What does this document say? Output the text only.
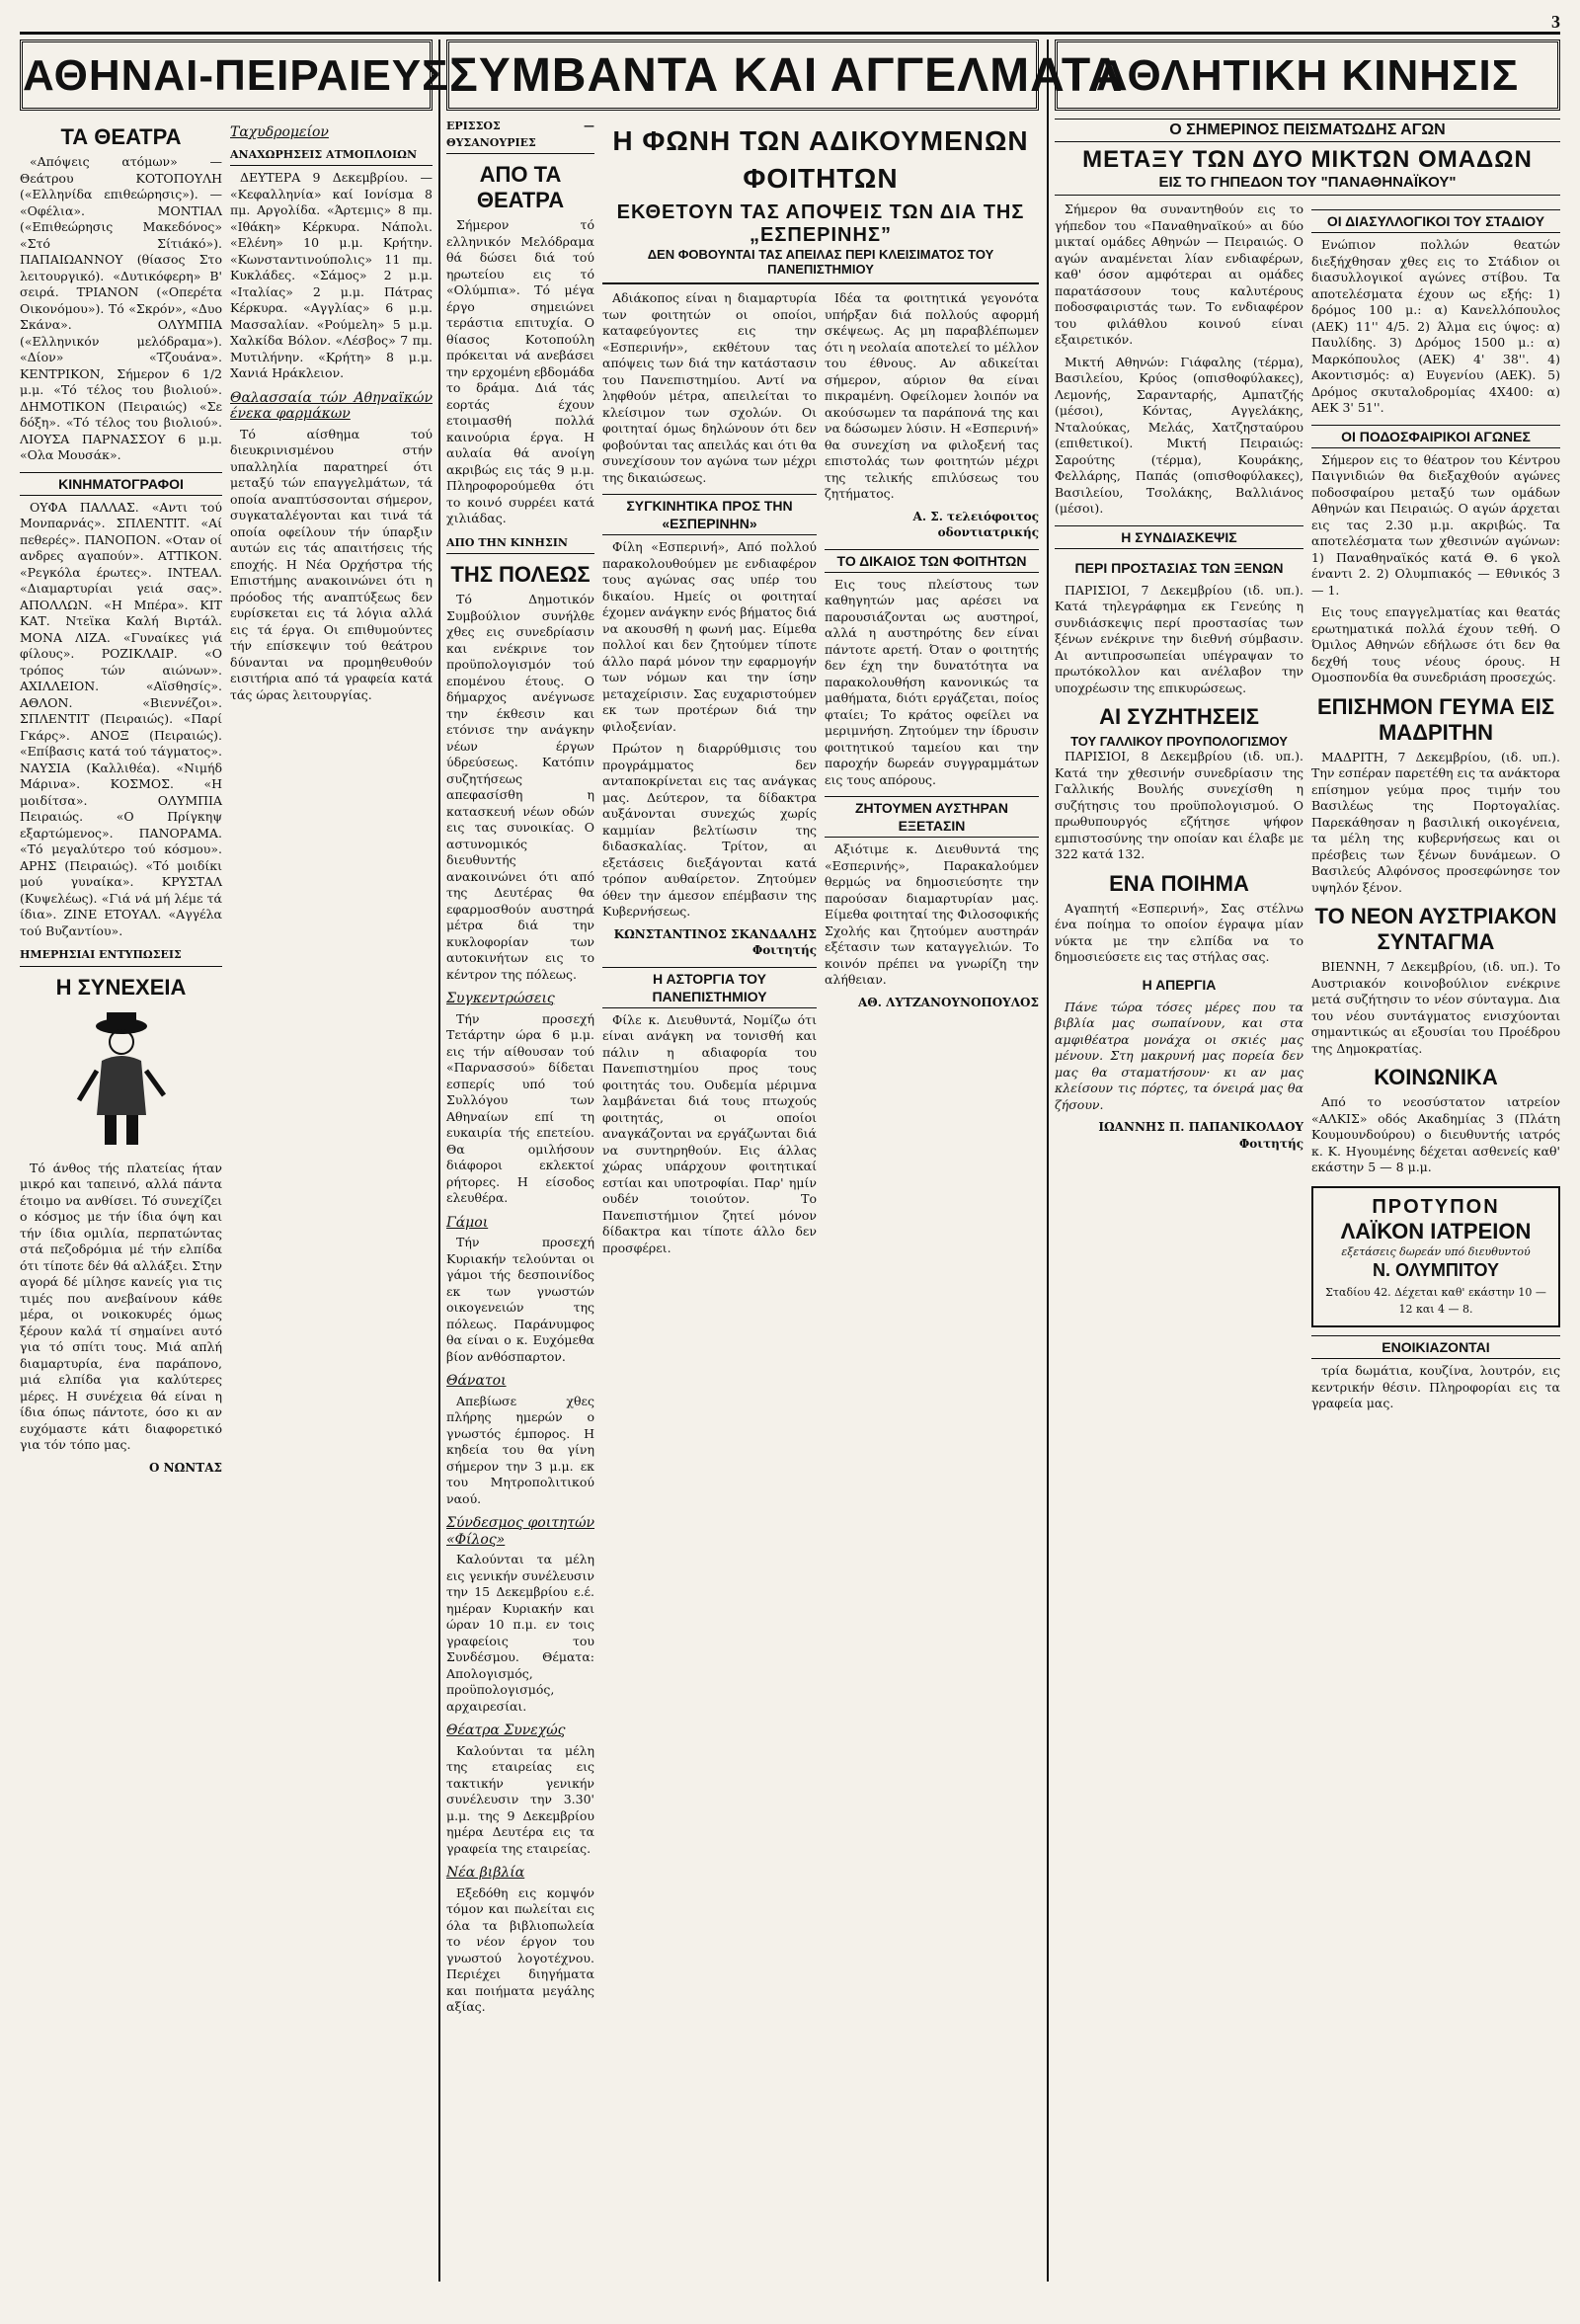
3
ΑΘΗΝΑΙ-ΠΕΙΡΑΙΕΥΣ
ΤΑ ΘΕΑΤΡΑ

«Απόψεις ατόμων» — Θεάτρου ΚΟΤΟΠΟΥΛΗ («Ελληνίδα επιθεώρησις»). — «Οφέλια». ΜΟΝΤΙΑΛ («Επιθεώρησις Μακεδόνος» «Στό Σίτιάκό»). ΠΑΠΑΙΩΑΝΝΟΥ (θίασος Στο λειτουργικό). «Δυτικόφερη» Β' σειρά. ΤΡΙΑΝΟΝ («Οπερέτα Οικονόμου»). Τό «Σκρόν», «Δυο Σκάνα». ΟΛΥΜΠΙΑ («Ελληνικόν μελόδραμα»). «Δίον» «Τζουάνα». ΚΕΝΤΡΙΚΟΝ, Σήμερον 6 1/2 μ.μ. «Τό τέλος του βιολιού». ΔΗΜΟΤΙΚΟΝ (Πειραιώς) «Σε δόξη». «Τό τέλος του βιολιού». ΛΙΟΥΣΑ ΠΑΡΝΑΣΣΟΥ 6 μ.μ. «Ολα Μουσάκ».

ΚΙΝΗΜΑΤΟΓΡΑΦΟΙ

ΟΥΦΑ ΠΑΛΛΑΣ. «Αντι τού Μονπαρνάς». ΣΠΛΕΝΤΙΤ. «Αί πεθερές». ΠΑΝΟΠΟΝ. «Οταν οί ανδρες αγαπούν». ΑΤΤΙΚΟΝ. «Ρεγκόλα έρωτες». ΙΝΤΕΑΛ. «Διαμαρτυρίαι γειά σας». ΑΠΟΛΛΩΝ. «Η Μπέρα». ΚΙΤ ΚΑΤ. Ντεϊκα Καλή Βιρτάλ. ΜΟΝΑ ΛΙΖΑ. «Γυναίκες γιά φίλους». ΡΟΖΙΚΛΑΙΡ. «Ο τρόπος τών αιώνων». ΑΧΙΛΛΕΙΟΝ. «Αϊσθησίς». ΑΘΛΟΝ. «Βιεννέζοι». ΣΠΛΕΝΤΙΤ (Πειραιώς). «Παρί Γκάρς». ΑΝΟΞ (Πειραιώς). «Επίβασις κατά τού τάγματος». ΝΑΥΣΙΑ (Καλλιθέα). «Νιμήδ Μάρινα». ΚΟΣΜΟΣ. «Η μοιδίτσα». ΟΛΥΜΠΙΑ Πειραιώς. «Ο Πρίγκηψ εξαρτώμενος». ΠΑΝΟΡΑΜΑ. «Τό μεγαλύτερο τού κόσμου». ΑΡΗΣ (Πειραιώς). «Τό μοιδίκι μού γυναίκα». ΚΡΥΣΤΑΛ (Κυψελέως). «Γιά νά μή λέμε τά ίδια». ΖΙΝΕ ΕΤΟΥΑΛ. «Αγγέλα τού Βυζαντίου».

ΗΜΕΡΗΣΙΑΙ ΕΝΤΥΠΩΣΕΙΣ
Η ΣΥΝΕΧΕΙΑ

Τό άνθος τής πλατείας ήταν μικρό και ταπεινό, αλλά πάντα έτοιμο να ανθίσει. Τό συνεχίζει ο κόσμος με τήν ίδια όψη και τήν ίδια ομιλία, περπατώντας στά πεζοδρόμια μέ τήν ελπίδα ότι τίποτε δέν θά αλλάξει. Στην αγορά δέ μίλησε κανείς για τις τιμές που ανεβαίνουν κάθε μέρα, οι νοικοκυρές όμως ξέρουν καλά τί σημαίνει αυτό για τό σπίτι τους. Μιά απλή διαμαρτυρία, ένα παράπονο, μιά ελπίδα για καλύτερες μέρες. Η συνέχεια θά είναι η ίδια όπως πάντοτε, όσο κι αν ευχόμαστε κάτι διαφορετικό για τόν τόπο μας.

Ο ΝΩΝΤΑΣ
Ταχυδρομείον
ΑΝΑΧΩΡΗΣΕΙΣ ΑΤΜΟΠΛΟΙΩΝ

ΔΕΥΤΕΡΑ 9 Δεκεμβρίου. — «Κεφαλληνία» καί Ιονίσμα 8 πμ. Αργολίδα. «Άρτεμις» 8 πμ. «Ιθάκη» Κέρκυρα. Νάπολι. «Ελένη» 10 μ.μ. Κρήτην. «Κωνσταντινούπολις» 11 πμ. Κυκλάδες. «Σάμος» 2 μ.μ. «Ιταλίας» 2 μ.μ. Πάτρας Κέρκυρα. «Αγγλίας» 6 μ.μ. Μασσαλίαν. «Ρούμελη» 5 μ.μ. Χαλκίδα Βόλον. «Λέσβος» 7 πμ. Μυτιλήνην. «Κρήτη» 8 μ.μ. Χανιά Ηράκλειον.

Θαλασσαία τών Αθηναϊκών ένεκα φαρμάκων

Τό αίσθημα τού διευκρινισμένου στήν υπαλληλία παρατηρεί ότι μεταξύ τών επαγγελμάτων, τά οποία αναπτύσσονται σήμερον, συγκαταλέγονται και τινά τά οποία οφείλουν τήν ύπαρξιν αυτών εις τάς απαιτήσεις τής εποχής. Η Νέα Ορχήστρα τής Επιστήμης ανακοινώνει ότι η πρόοδος τής αναπτύξεως δεν ευρίσκεται εις τά λόγια αλλά εις τά έργα. Οι επιθυμούντες τήν επίσκεψιν τού θεάτρου δύνανται να προμηθευθούν εισιτήρια από τά γραφεία κατά τάς ώρας λειτουργίας.

ΣΥΜΒΑΝΤΑ ΚΑΙ ΑΓΓΕΛΜΑΤΑ
ΕΡΙΣΣΟΣ — ΘΥΣΑΝΟΥΡΙΕΣ
ΑΠΟ ΤΑ ΘΕΑΤΡΑ

Σήμερον τό ελληνικόν Μελόδραμα θά δώσει διά τού ηρωτείου εις τό «Ολύμπια». Τό μέγα έργο σημειώνει τεράστια επιτυχία. Ο θίασος Κοτοπούλη πρόκειται νά ανεβάσει την ερχομένη εβδομάδα το δράμα. Διά τάς εορτάς έχουν ετοιμασθή πολλά καινούρια έργα. Η αυλαία θά ανοίγη ακριβώς εις τάς 9 μ.μ. Πληροφορούμεθα ότι το κοινό συρρέει κατά χιλιάδας.

ΑΠΟ ΤΗΝ ΚΙΝΗΣΙΝ
ΤΗΣ ΠΟΛΕΩΣ

Τό Δημοτικόν Συμβούλιον συνήλθε χθες εις συνεδρίασιν και ενέκρινε τον προϋπολογισμόν τού επομένου έτους. Ο δήμαρχος ανέγνωσε την έκθεσιν και ετόνισε την ανάγκην νέων έργων ύδρεύσεως. Κατόπιν συζητήσεως απεφασίσθη η κατασκευή νέων οδών εις τας συνοικίας. Ο αστυνομικός διευθυντής ανακοινώνει ότι από της Δευτέρας θα εφαρμοσθούν αυστηρά μέτρα διά την κυκλοφορίαν των αυτοκινήτων εις το κέντρον της πόλεως.

Συγκεντρώσεις

Τήν προσεχή Τετάρτην ώρα 6 μ.μ. εις τήν αίθουσαν τού «Παρνασσού» δίδεται εσπερίς υπό τού Συλλόγου των Αθηναίων επί τη ευκαιρία τής επετείου. Θα ομιλήσουν διάφοροι εκλεκτοί ρήτορες. Η είσοδος ελευθέρα.

Γάμοι

Τήν προσεχή Κυριακήν τελούνται οι γάμοι τής δεσποινίδος εκ των γνωστών οικογενειών της πόλεως. Παράνυμφος θα είναι ο κ. Ευχόμεθα βίον ανθόσπαρτον.

Θάνατοι

Απεβίωσε χθες πλήρης ημερών ο γνωστός έμπορος. Η κηδεία του θα γίνη σήμερον την 3 μ.μ. εκ του Μητροπολιτικού ναού.

Σύνδεσμος φοιτητών «Φίλος»

Καλούνται τα μέλη εις γενικήν συνέλευσιν την 15 Δεκεμβρίου ε.έ. ημέραν Κυριακήν και ώραν 10 π.μ. εν τοις γραφείοις του Συνδέσμου. Θέματα: Απολογισμός, προϋπολογισμός, αρχαιρεσίαι.

Θέατρα Συνεχώς

Καλούνται τα μέλη της εταιρείας εις τακτικήν γενικήν συνέλευσιν την 3.30' μ.μ. της 9 Δεκεμβρίου ημέρα Δευτέρα εις τα γραφεία της εταιρείας.

Νέα βιβλία

Εξεδόθη εις κομψόν τόμον και πωλείται εις όλα τα βιβλιοπωλεία το νέον έργον του γνωστού λογοτέχνου. Περιέχει διηγήματα και ποιήματα μεγάλης αξίας.

Η ΦΩΝΗ ΤΩΝ ΑΔΙΚΟΥΜΕΝΩΝ ΦΟΙΤΗΤΩΝ
ΕΚΘΕΤΟΥΝ ΤΑΣ ΑΠΟΨΕΙΣ ΤΩΝ ΔΙΑ ΤΗΣ „ΕΣΠΕΡΙΝΗΣ”
ΔΕΝ ΦΟΒΟΥΝΤΑΙ ΤΑΣ ΑΠΕΙΛΑΣ ΠΕΡΙ ΚΛΕΙΣΙΜΑΤΟΣ ΤΟΥ ΠΑΝΕΠΙΣΤΗΜΙΟΥ

Αδιάκοπος είναι η διαμαρτυρία των φοιτητών οι οποίοι, καταφεύγοντες εις την «Εσπερινήν», εκθέτουν τας απόψεις των διά την κατάστασιν του Πανεπιστημίου. Αντί να ληφθούν μέτρα, απειλείται το κλείσιμον των σχολών. Οι φοιτηταί όμως δηλώνουν ότι δεν φοβούνται τας απειλάς και ότι θα συνεχίσουν τον αγώνα των μέχρι της δικαιώσεως.

ΣΥΓΚΙΝΗΤΙΚΑ ΠΡΟΣ ΤΗΝ «ΕΣΠΕΡΙΝΗΝ»

Φίλη «Εσπερινή», Από πολλού παρακολουθούμεν με ενδιαφέρον τους αγώνας σας υπέρ του δικαίου. Ημείς οι φοιτηταί έχομεν ανάγκην ενός βήματος διά να ακουσθή η φωνή μας. Είμεθα πολλοί και δεν ζητούμεν τίποτε άλλο παρά μόνον την εφαρμογήν των νόμων και την ίσην μεταχείρισιν. Σας ευχαριστούμεν εκ των προτέρων διά την φιλοξενίαν.

Πρώτον η διαρρύθμισις του προγράμματος δεν ανταποκρίνεται εις τας ανάγκας μας. Δεύτερον, τα δίδακτρα αυξάνονται συνεχώς χωρίς καμμίαν βελτίωσιν της διδασκαλίας. Τρίτον, αι εξετάσεις διεξάγονται κατά τρόπον αυθαίρετον. Ζητούμεν όθεν την άμεσον επέμβασιν της Κυβερνήσεως.

ΚΩΝΣΤΑΝΤΙΝΟΣ ΣΚΑΝΔΑΛΗΣ Φοιτητής
Η ΑΣΤΟΡΓΙΑ ΤΟΥ ΠΑΝΕΠΙΣΤΗΜΙΟΥ

Φίλε κ. Διευθυντά, Νομίζω ότι είναι ανάγκη να τονισθή και πάλιν η αδιαφορία του Πανεπιστημίου προς τους φοιτητάς του. Ουδεμία μέριμνα λαμβάνεται διά τους πτωχούς φοιτητάς, οι οποίοι αναγκάζονται να εργάζωνται διά να συντηρηθούν. Εις άλλας χώρας υπάρχουν φοιτητικαί εστίαι και υποτροφίαι. Παρ' ημίν ουδέν τοιούτον. Το Πανεπιστήμιον ζητεί μόνον δίδακτρα και τίποτε άλλο δεν προσφέρει.

Ιδέα τα φοιτητικά γεγονότα υπήρξαν διά πολλούς αφορμή σκέψεως. Ας μη παραβλέπωμεν ότι η νεολαία αποτελεί το μέλλον του έθνους. Αν αδικείται σήμερον, αύριον θα είναι πικραμένη. Οφείλομεν λοιπόν να ακούσωμεν τα παράπονά της και να δώσωμεν λύσιν. Η «Εσπερινή» θα συνεχίση να φιλοξενή τας επιστολάς των φοιτητών μέχρι της τελικής επιλύσεως του ζητήματος.

Α. Σ. τελειόφοιτος οδοντιατρικής
ΤΟ ΔΙΚΑΙΟΣ ΤΩΝ ΦΟΙΤΗΤΩΝ

Εις τους πλείστους των καθηγητών μας αρέσει να παρουσιάζονται ως αυστηροί, αλλά η αυστηρότης δεν είναι πάντοτε αρετή. Όταν ο φοιτητής δεν έχη την δυνατότητα να παρακολουθήση κανονικώς τα μαθήματα, διότι εργάζεται, ποίος φταίει; Το κράτος οφείλει να μεριμνήση. Ζητούμεν την ίδρυσιν φοιτητικού ταμείου και την παροχήν δωρεάν συγγραμμάτων εις τους απόρους.

ΖΗΤΟΥΜΕΝ ΑΥΣΤΗΡΑΝ ΕΞΕΤΑΣΙΝ

Αξιότιμε κ. Διευθυντά της «Εσπερινής», Παρακαλούμεν θερμώς να δημοσιεύσητε την παρούσαν διαμαρτυρίαν μας. Είμεθα φοιτηταί της Φιλοσοφικής Σχολής και ζητούμεν αυστηράν εξέτασιν των καταγγελιών. Το κοινόν πρέπει να γνωρίζη την αλήθειαν.

ΑΘ. ΛΥΤΖΑΝΟΥΝΟΠΟΥΛΟΣ
ΑΘΛΗΤΙΚΗ ΚΙΝΗΣΙΣ
Ο ΣΗΜΕΡΙΝΟΣ ΠΕΙΣΜΑΤΩΔΗΣ ΑΓΩΝ
ΜΕΤΑΞΥ ΤΩΝ ΔΥΟ ΜΙΚΤΩΝ ΟΜΑΔΩΝ
ΕΙΣ ΤΟ ΓΗΠΕΔΟΝ ΤΟΥ "ΠΑΝΑΘΗΝΑΪΚΟΥ"

Σήμερον θα συναντηθούν εις το γήπεδον του «Παναθηναϊκού» αι δύο μικταί ομάδες Αθηνών — Πειραιώς. Ο αγών αναμένεται λίαν ενδιαφέρων, καθ' όσον αμφότεραι αι ομάδες παρατάσσουν τους καλυτέρους ποδοσφαιριστάς των. Το ενδιαφέρον του φιλάθλου κοινού είναι εξαιρετικόν.

Μικτή Αθηνών: Γιάφαλης (τέρμα), Βασιλείου, Κρύος (οπισθοφύλακες), Λεμονής, Σαρανταρής, Αμπατζής (μέσοι), Κόντας, Αγγελάκης, Νταλούκας, Μελάς, Χατζησταύρου (επιθετικοί). Μικτή Πειραιώς: Σαρούτης (τέρμα), Κουράκης, Φελλάρης, Παπάς (οπισθοφύλακες), Βασιλείου, Τσολάκης, Βαλλιάνος (μέσοι).

Η ΣΥΝΔΙΑΣΚΕΨΙΣ
ΠΕΡΙ ΠΡΟΣΤΑΣΙΑΣ ΤΩΝ ΞΕΝΩΝ

ΠΑΡΙΣΙΟΙ, 7 Δεκεμβρίου (ιδ. υπ.). Κατά τηλεγράφημα εκ Γενεύης η συνδιάσκεψις περί προστασίας των ξένων ενέκρινε την διεθνή σύμβασιν. Αι αντιπροσωπείαι υπέγραψαν το πρωτόκολλον και ανέλαβον την υποχρέωσιν της επικυρώσεως.

ΑΙ ΣΥΖΗΤΗΣΕΙΣ
ΤΟΥ ΓΑΛΛΙΚΟΥ ΠΡΟΥΠΟΛΟΓΙΣΜΟΥ

ΠΑΡΙΣΙΟΙ, 8 Δεκεμβρίου (ιδ. υπ.). Κατά την χθεσινήν συνεδρίασιν της Γαλλικής Βουλής συνεχίσθη η συζήτησις του προϋπολογισμού. Ο πρωθυπουργός εζήτησε ψήφον εμπιστοσύνης την οποίαν και έλαβε με 322 κατά 132.

ΕΝΑ ΠΟΙΗΜΑ

Αγαπητή «Εσπερινή», Σας στέλνω ένα ποίημα το οποίον έγραψα μίαν νύκτα με την ελπίδα να το δημοσιεύσετε εις τας στήλας σας.

Η ΑΠΕΡΓΙΑ

Πάνε τώρα τόσες μέρες που τα βιβλία μας σωπαίνουν, και στα αμφιθέατρα μονάχα οι σκιές μας μένουν. Στη μακρυνή μας πορεία δεν μας θα σταματήσουν· κι αν μας κλείσουν τις πόρτες, τα όνειρά μας θα ζήσουν.

ΙΩΑΝΝΗΣ Π. ΠΑΠΑΝΙΚΟΛΑΟΥ Φοιτητής
ΟΙ ΔΙΑΣΥΛΛΟΓΙΚΟΙ ΤΟΥ ΣΤΑΔΙΟΥ

Ενώπιον πολλών θεατών διεξήχθησαν χθες εις το Στάδιον οι διασυλλογικοί αγώνες στίβου. Τα αποτελέσματα έχουν ως εξής: 1) δρόμος 100 μ.: α) Κανελλόπουλος (ΑΕΚ) 11'' 4/5. 2) Άλμα εις ύψος: α) Παυλίδης. 3) Δρόμος 1500 μ.: α) Μαρκόπουλος (ΑΕΚ) 4' 38''. 4) Ακοντισμός: α) Ευγενίου (ΑΕΚ). 5) Δρόμος σκυταλοδρομίας 4Χ400: α) ΑΕΚ 3' 51''.

ΟΙ ΠΟΔΟΣΦΑΙΡΙΚΟΙ ΑΓΩΝΕΣ

Σήμερον εις το θέατρον του Κέντρου Παιγνιδιών θα διεξαχθούν αγώνες ποδοσφαίρου μεταξύ των ομάδων Αθηνών και Πειραιώς. Ο αγών άρχεται εις τας 2.30 μ.μ. ακριβώς. Τα αποτελέσματα των χθεσινών αγώνων: 1) Παναθηναϊκός κατά Θ. 6 γκολ έναντι 2. 2) Ολυμπιακός — Εθνικός 3 — 1.

Εις τους επαγγελματίας και θεατάς ερωτηματικά πολλά έχουν τεθή. Ο Όμιλος Αθηνών εδήλωσε ότι δεν θα δεχθή τους νέους όρους. Η Ομοσπονδία θα συνεδριάση προσεχώς.

ΕΠΙΣΗΜΟΝ ΓΕΥΜΑ ΕΙΣ ΜΑΔΡΙΤΗΝ

ΜΑΔΡΙΤΗ, 7 Δεκεμβρίου, (ιδ. υπ.). Την εσπέραν παρετέθη εις τα ανάκτορα επίσημον γεύμα προς τιμήν του Βασιλέως της Πορτογαλίας. Παρεκάθησαν η βασιλική οικογένεια, τα μέλη της κυβερνήσεως και οι πρέσβεις των ξένων δυνάμεων. Ο Βασιλεύς Αλφόνσος προσεφώνησε τον υψηλόν ξένον.

ΤΟ ΝΕΟΝ ΑΥΣΤΡΙΑΚΟΝ ΣΥΝΤΑΓΜΑ

ΒΙΕΝΝΗ, 7 Δεκεμβρίου, (ιδ. υπ.). Το Αυστριακόν κοινοβούλιον ενέκρινε μετά συζήτησιν το νέον σύνταγμα. Δια του νέου συντάγματος ενισχύονται σημαντικώς αι εξουσίαι του Προέδρου της Δημοκρατίας.

ΚΟΙΝΩΝΙΚΑ

Από το νεοσύστατον ιατρείον «ΑΛΚΙΣ» οδός Ακαδημίας 3 (Πλάτη Κουμουνδούρου) ο διευθυντής ιατρός κ. Κ. Ηγουμένης δέχεται ασθενείς καθ' εκάστην 5 — 8 μ.μ.

ΠΡΟΤΥΠΟΝ
ΛΑΪΚΟΝ ΙΑΤΡΕΙΟΝ
εξετάσεις δωρεάν υπό διευθυντού
Ν. ΟΛΥΜΠΙΤΟΥ
Σταδίου 42. Δέχεται καθ' εκάστην 10 — 12 και 4 — 8.
ΕΝΟΙΚΙΑΖΟΝΤΑΙ

τρία δωμάτια, κουζίνα, λουτρόν, εις κεντρικήν θέσιν. Πληροφορίαι εις τα γραφεία μας.
